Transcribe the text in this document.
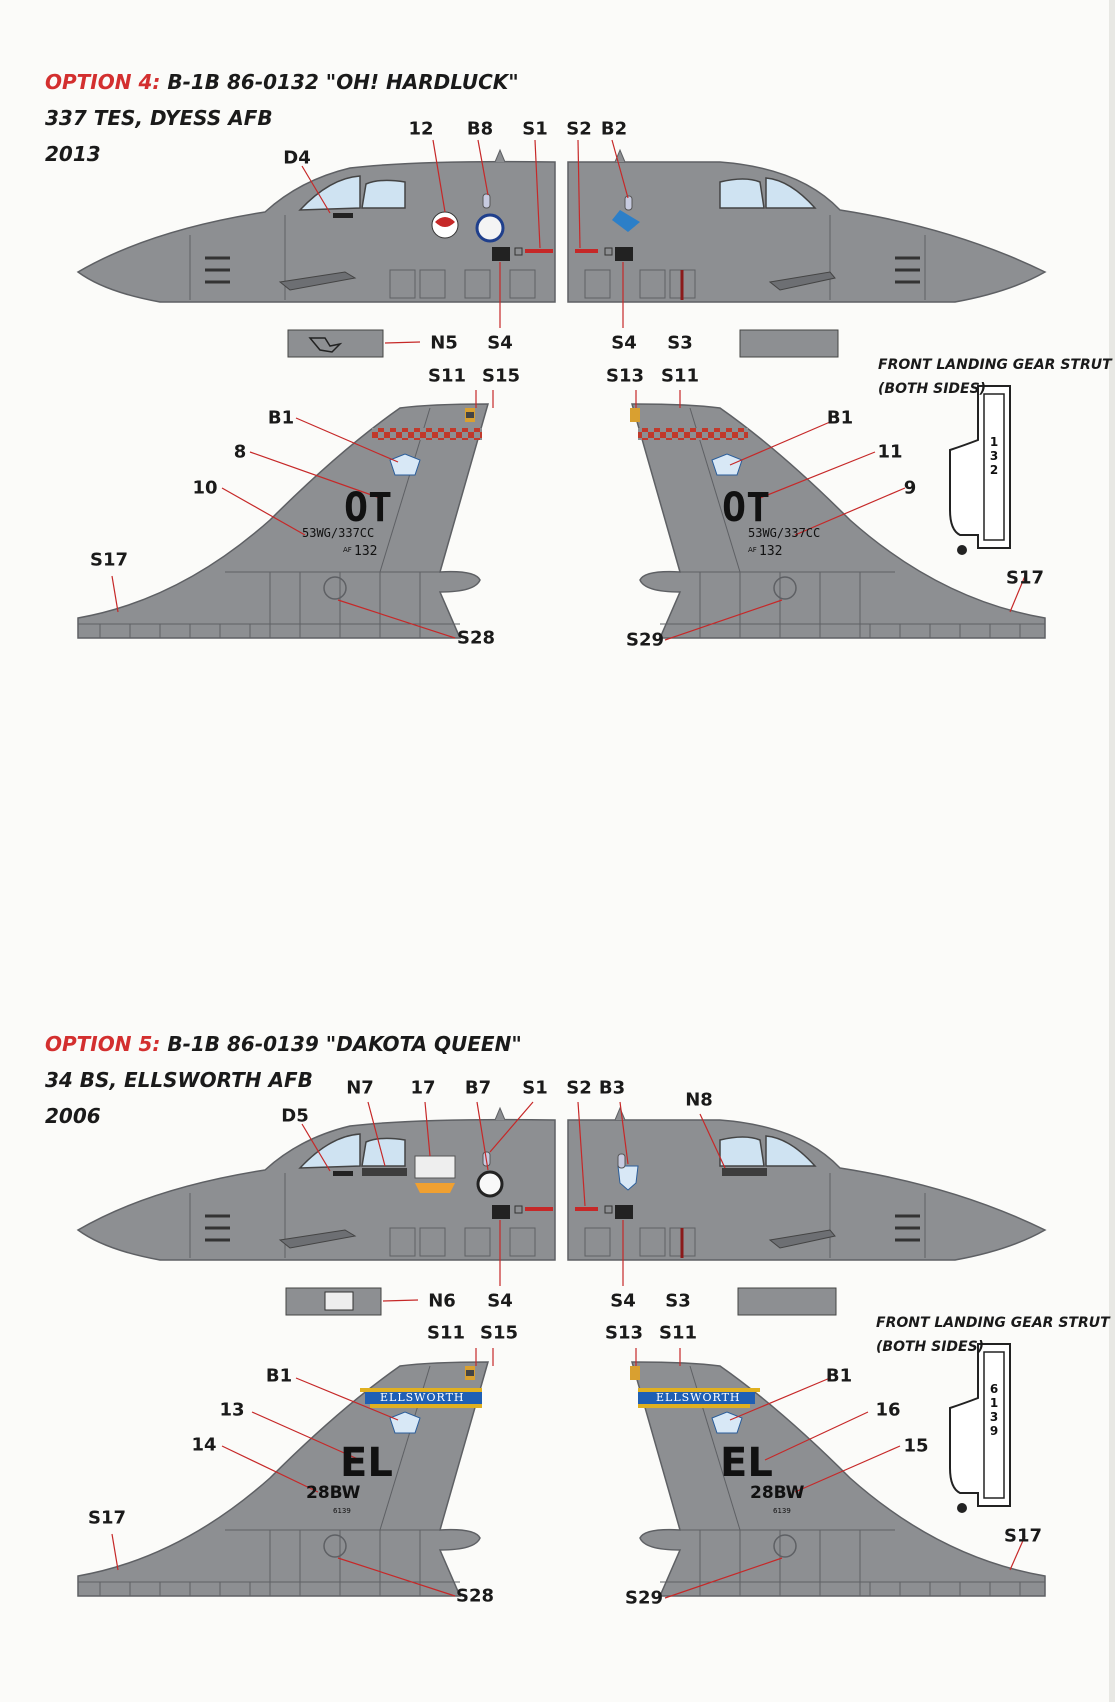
OPTION 4: B-1B 86-0132 "OH! HARDLUCK"
337 TES, DYESS AFB
2013
OPTION 5: B-1B 86-0139 "DAKOTA QUEEN"
34 BS, ELLSWORTH AFB
2006
OT
53WG/337CC
AF 132
OT
53WG/337CC
AF 132
132
FRONT LANDING GEAR STRUT
(BOTH SIDES)
ELLSWORTH	ELLSWORTH
EL
28BW
6139
EL
28BW
6139
6139
FRONT LANDING GEAR STRUT
(BOTH SIDES)
D4
12 B8 S1 S2 B2
N5 S4	S4 S3
S11 S15	S13 S11
B1
8
10
B1
11
9
S17
S17
S28	S29
D5
N7 17 B7 S1 S2 B3
N8
N6 S4	S4 S3
S11 S15	S13 S11
B1
13
14
B1
16
15
S17
S17
S28	S29
